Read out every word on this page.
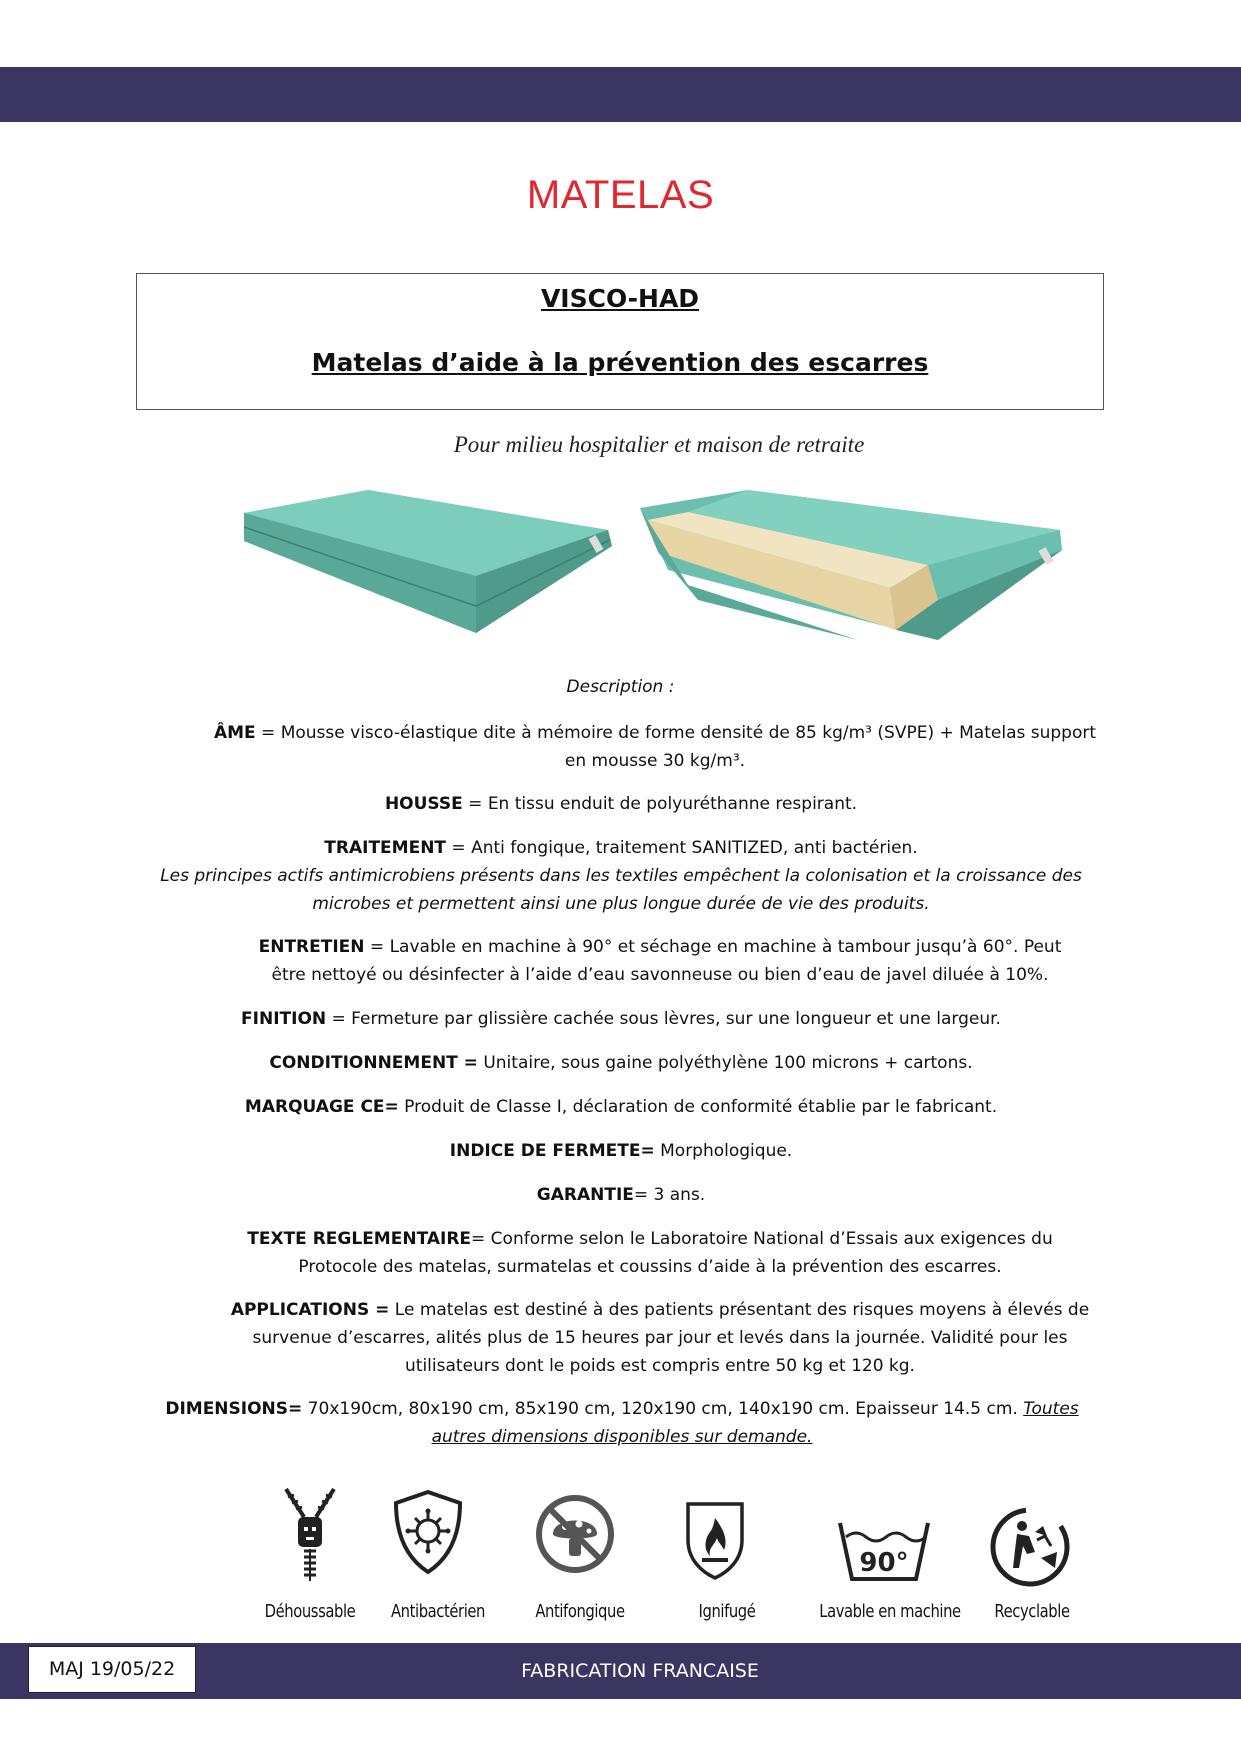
MATELAS
VISCO-HAD
Matelas d’aide à la prévention des escarres
Pour milieu hospitalier et maison de retraite
Description :
ÂME = Mousse visco-élastique dite à mémoire de forme densité de 85 kg/m³ (SVPE) + Matelas support en mousse 30 kg/m³.
HOUSSE = En tissu enduit de polyuréthanne respirant.
TRAITEMENT = Anti fongique, traitement SANITIZED, anti bactérien.
Les principes actifs antimicrobiens présents dans les textiles empêchent la colonisation et la croissance des microbes et permettent ainsi une plus longue durée de vie des produits.
ENTRETIEN = Lavable en machine à 90° et séchage en machine à tambour jusqu’à 60°. Peut être nettoyé ou désinfecter à l’aide d’eau savonneuse ou bien d’eau de javel diluée à 10%.
FINITION = Fermeture par glissière cachée sous lèvres, sur une longueur et une largeur.
CONDITIONNEMENT = Unitaire, sous gaine polyéthylène 100 microns + cartons.
MARQUAGE CE= Produit de Classe I, déclaration de conformité établie par le fabricant.
INDICE DE FERMETE= Morphologique.
GARANTIE= 3 ans.
TEXTE REGLEMENTAIRE= Conforme selon le Laboratoire National d’Essais aux exigences du Protocole des matelas, surmatelas et coussins d’aide à la prévention des escarres.
APPLICATIONS = Le matelas est destiné à des patients présentant des risques moyens à élevés de survenue d’escarres, alités plus de 15 heures par jour et levés dans la journée. Validité pour les utilisateurs dont le poids est compris entre 50 kg et 120 kg.
DIMENSIONS= 70x190cm, 80x190 cm, 85x190 cm, 120x190 cm, 140x190 cm. Epaisseur 14.5 cm. Toutes autres dimensions disponibles sur demande.
90°
Déhoussable	Antibactérien	Antifongique	Ignifugé	Lavable en machine	Recyclable
MAJ 19/05/22	FABRICATION FRANCAISE
